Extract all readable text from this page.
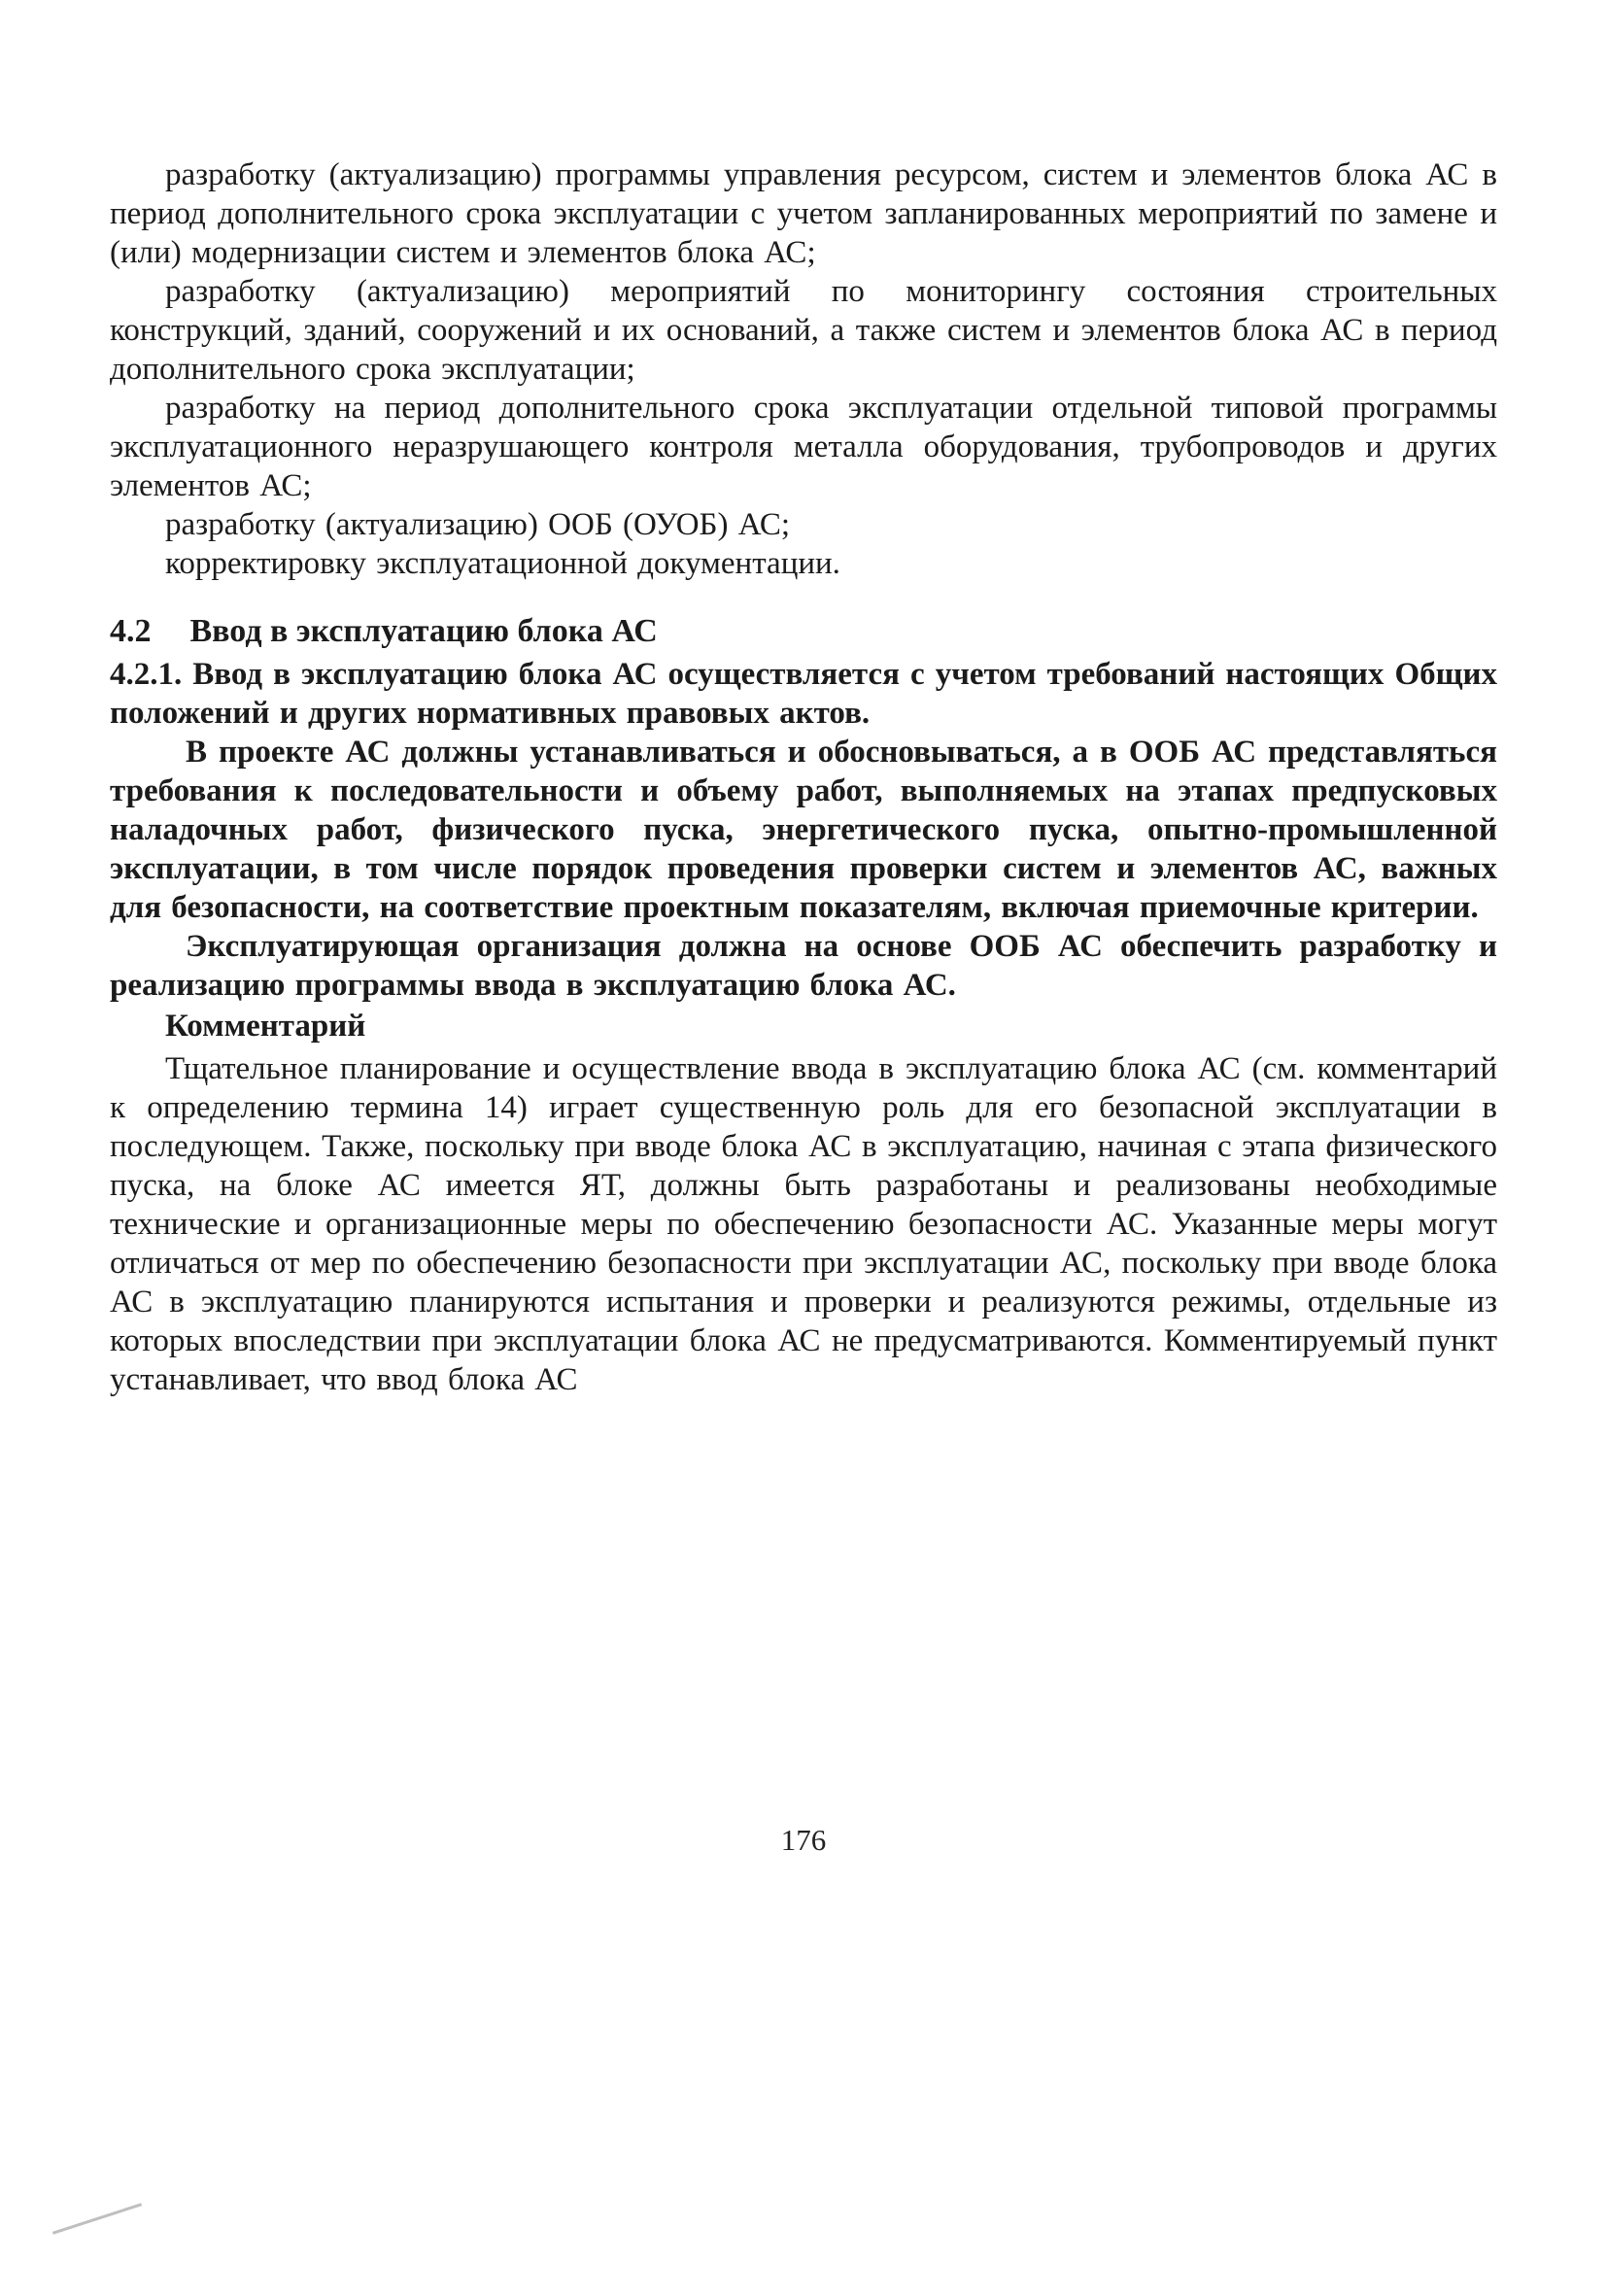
разработку (актуализацию) программы управления ресурсом, систем и элементов блока АС в период дополнительного срока эксплуатации с учетом запланированных мероприятий по замене и (или) модернизации систем и элементов блока АС;

разработку (актуализацию) мероприятий по мониторингу состояния строительных конструкций, зданий, сооружений и их оснований, а также систем и элементов блока АС в период дополнительного срока эксплуатации;

разработку на период дополнительного срока эксплуатации отдельной типовой программы эксплуатационного неразрушающего контроля металла оборудования, трубопроводов и других элементов АС;

разработку (актуализацию) ООБ (ОУОБ) АС;

корректировку эксплуатационной документации.

4.2 Ввод в эксплуатацию блока АС

4.2.1. Ввод в эксплуатацию блока АС осуществляется с учетом требований настоящих Общих положений и других нормативных правовых актов.

В проекте АС должны устанавливаться и обосновываться, а в ООБ АС представляться требования к последовательности и объему работ, выполняемых на этапах предпусковых наладочных работ, физического пуска, энергетического пуска, опытно-промышленной эксплуатации, в том числе порядок проведения проверки систем и элементов АС, важных для безопасности, на соответствие проектным показателям, включая приемочные критерии.

Эксплуатирующая организация должна на основе ООБ АС обеспечить разработку и реализацию программы ввода в эксплуатацию блока АС.

Комментарий

Тщательное планирование и осуществление ввода в эксплуатацию блока АС (см. комментарий к определению термина 14) играет существенную роль для его безопасной эксплуатации в последующем. Также, поскольку при вводе блока АС в эксплуатацию, начиная с этапа физического пуска, на блоке АС имеется ЯТ, должны быть разработаны и реализованы необходимые технические и организационные меры по обеспечению безопасности АС. Указанные меры могут отличаться от мер по обеспечению безопасности при эксплуатации АС, поскольку при вводе блока АС в эксплуатацию планируются испытания и проверки и реализуются режимы, отдельные из которых впоследствии при эксплуатации блока АС не предусматриваются. Комментируемый пункт устанавливает, что ввод блока АС

176
